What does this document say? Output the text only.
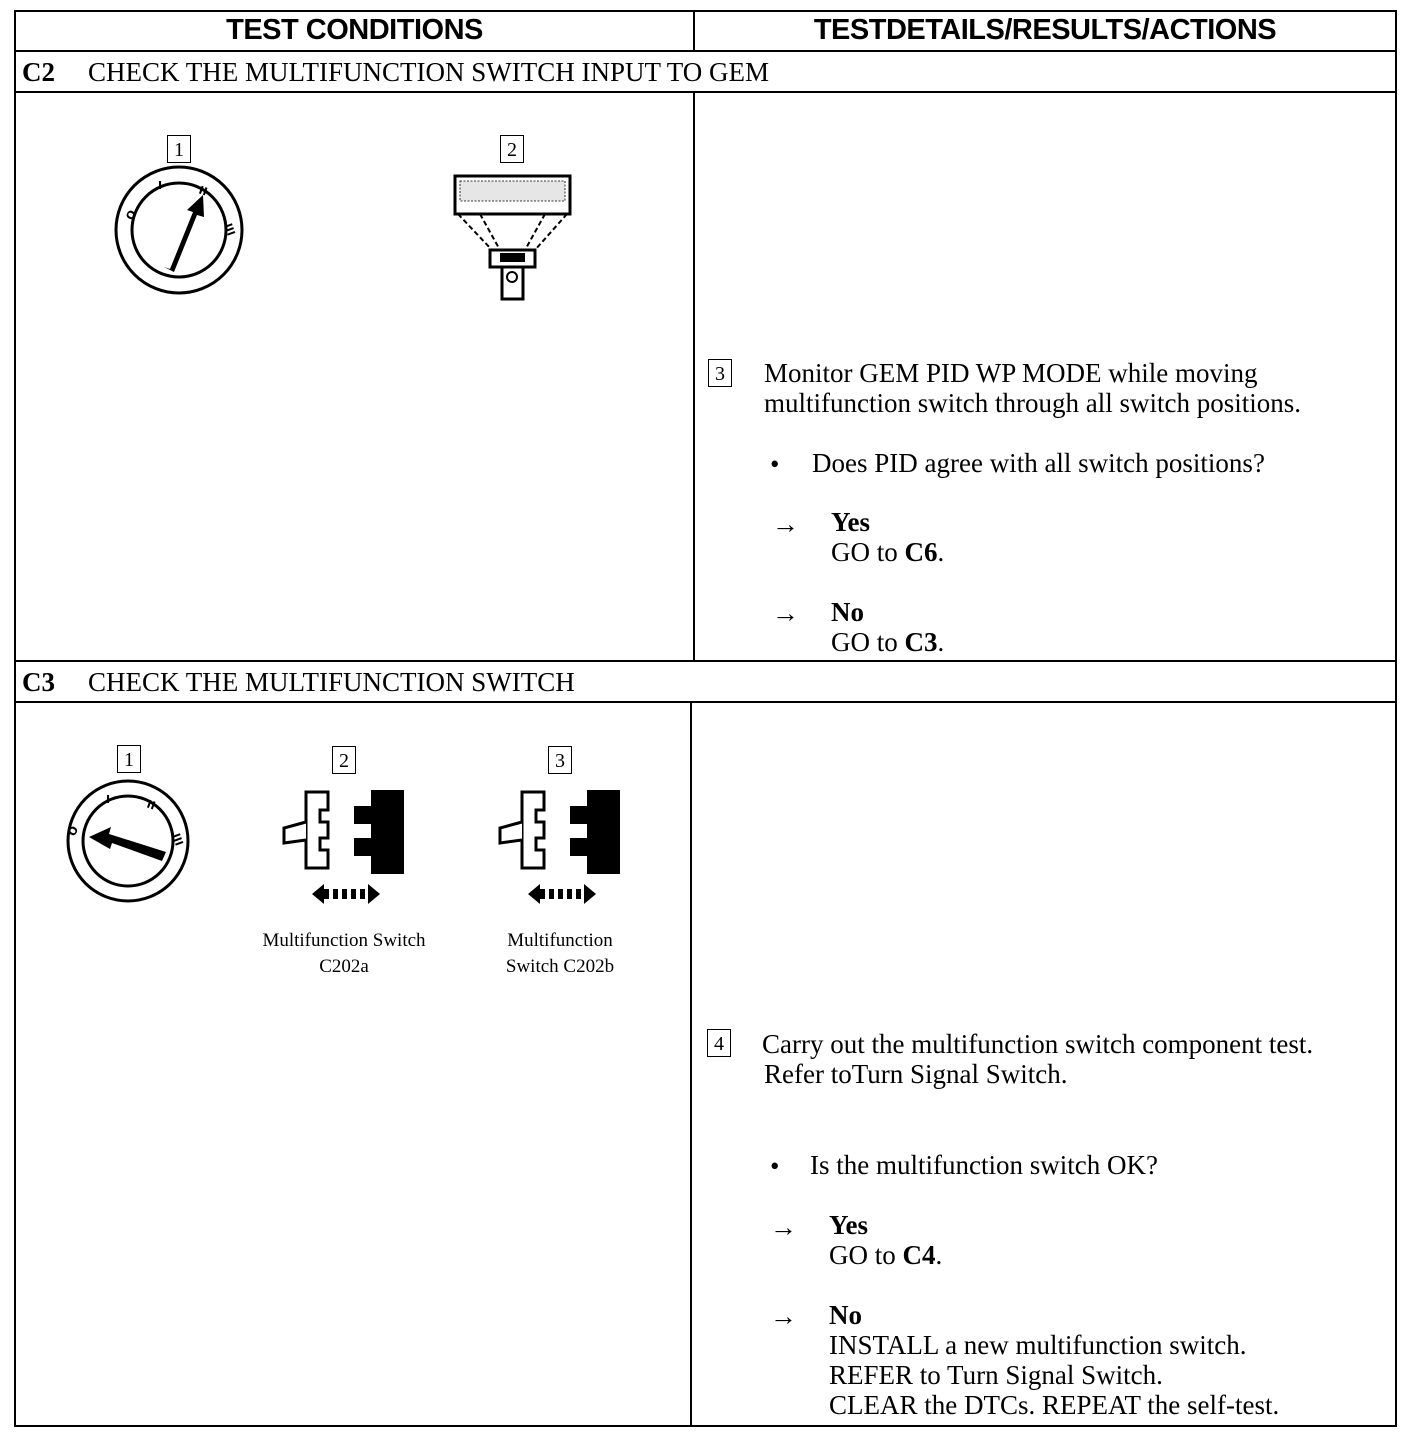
TEST CONDITIONS	TESTDETAILS/RESULTS/ACTIONS
C2 CHECK THE MULTIFUNCTION SWITCH INPUT TO GEM
1	2
O
I	II
III
3 Monitor GEM PID WP MODE while moving
multifunction switch through all switch positions.
• Does PID agree with all switch positions?
→ Yes
GO to C6.
→ No
GO to C3.
C3 CHECK THE MULTIFUNCTION SWITCH
1	2	3
O
I	II
III
Multifunction Switch
C202a
Multifunction
Switch C202b
4 Carry out the multifunction switch component test.
Refer toTurn Signal Switch.
• Is the multifunction switch OK?
→ Yes
GO to C4.
→ No
INSTALL a new multifunction switch.
REFER to Turn Signal Switch.
CLEAR the DTCs. REPEAT the self-test.
